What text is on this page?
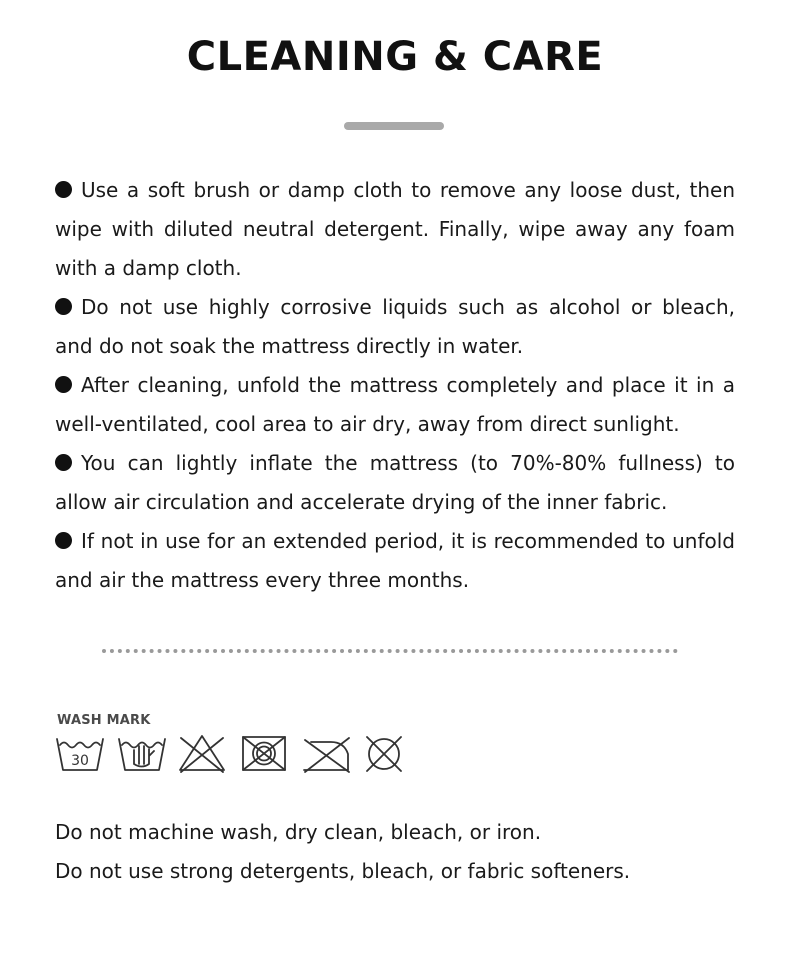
CLEANING & CARE
Use a soft brush or damp cloth to remove any loose dust, then wipe with diluted neutral detergent. Finally, wipe away any foam with a damp cloth.
Do not use highly corrosive liquids such as alcohol or bleach, and do not soak the mattress directly in water.
After cleaning, unfold the mattress completely and place it in a well-ventilated, cool area to air dry, away from direct sunlight.
You can lightly inflate the mattress (to 70%-80% fullness) to allow air circulation and accelerate drying of the inner fabric.
If not in use for an extended period, it is recommended to unfold and air the mattress every three months.
WASH MARK
30

Do not machine wash, dry clean, bleach, or iron.

Do not use strong detergents, bleach, or fabric softeners.
